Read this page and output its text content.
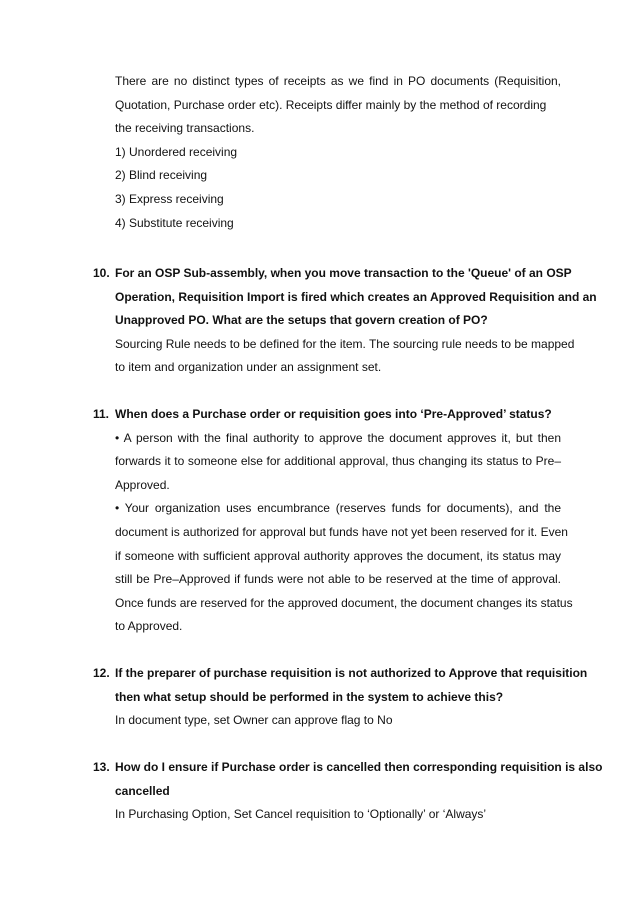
There are no distinct types of receipts as we find in PO documents (Requisition,
Quotation, Purchase order etc). Receipts differ mainly by the method of recording
the receiving transactions.
1) Unordered receiving
2) Blind receiving
3) Express receiving
4) Substitute receiving
10. For an OSP Sub-assembly, when you move transaction to the 'Queue' of an OSP
Operation, Requisition Import is fired which creates an Approved Requisition and an
Unapproved PO. What are the setups that govern creation of PO?
Sourcing Rule needs to be defined for the item. The sourcing rule needs to be mapped
to item and organization under an assignment set.
11. When does a Purchase order or requisition goes into ‘Pre-Approved’ status?
• A person with the final authority to approve the document approves it, but then
forwards it to someone else for additional approval, thus changing its status to Pre–
Approved.
• Your organization uses encumbrance (reserves funds for documents), and the
document is authorized for approval but funds have not yet been reserved for it. Even
if someone with sufficient approval authority approves the document, its status may
still be Pre–Approved if funds were not able to be reserved at the time of approval.
Once funds are reserved for the approved document, the document changes its status
to Approved.
12. If the preparer of purchase requisition is not authorized to Approve that requisition
then what setup should be performed in the system to achieve this?
In document type, set Owner can approve flag to No
13. How do I ensure if Purchase order is cancelled then corresponding requisition is also
cancelled
In Purchasing Option, Set Cancel requisition to ‘Optionally’ or ‘Always’
